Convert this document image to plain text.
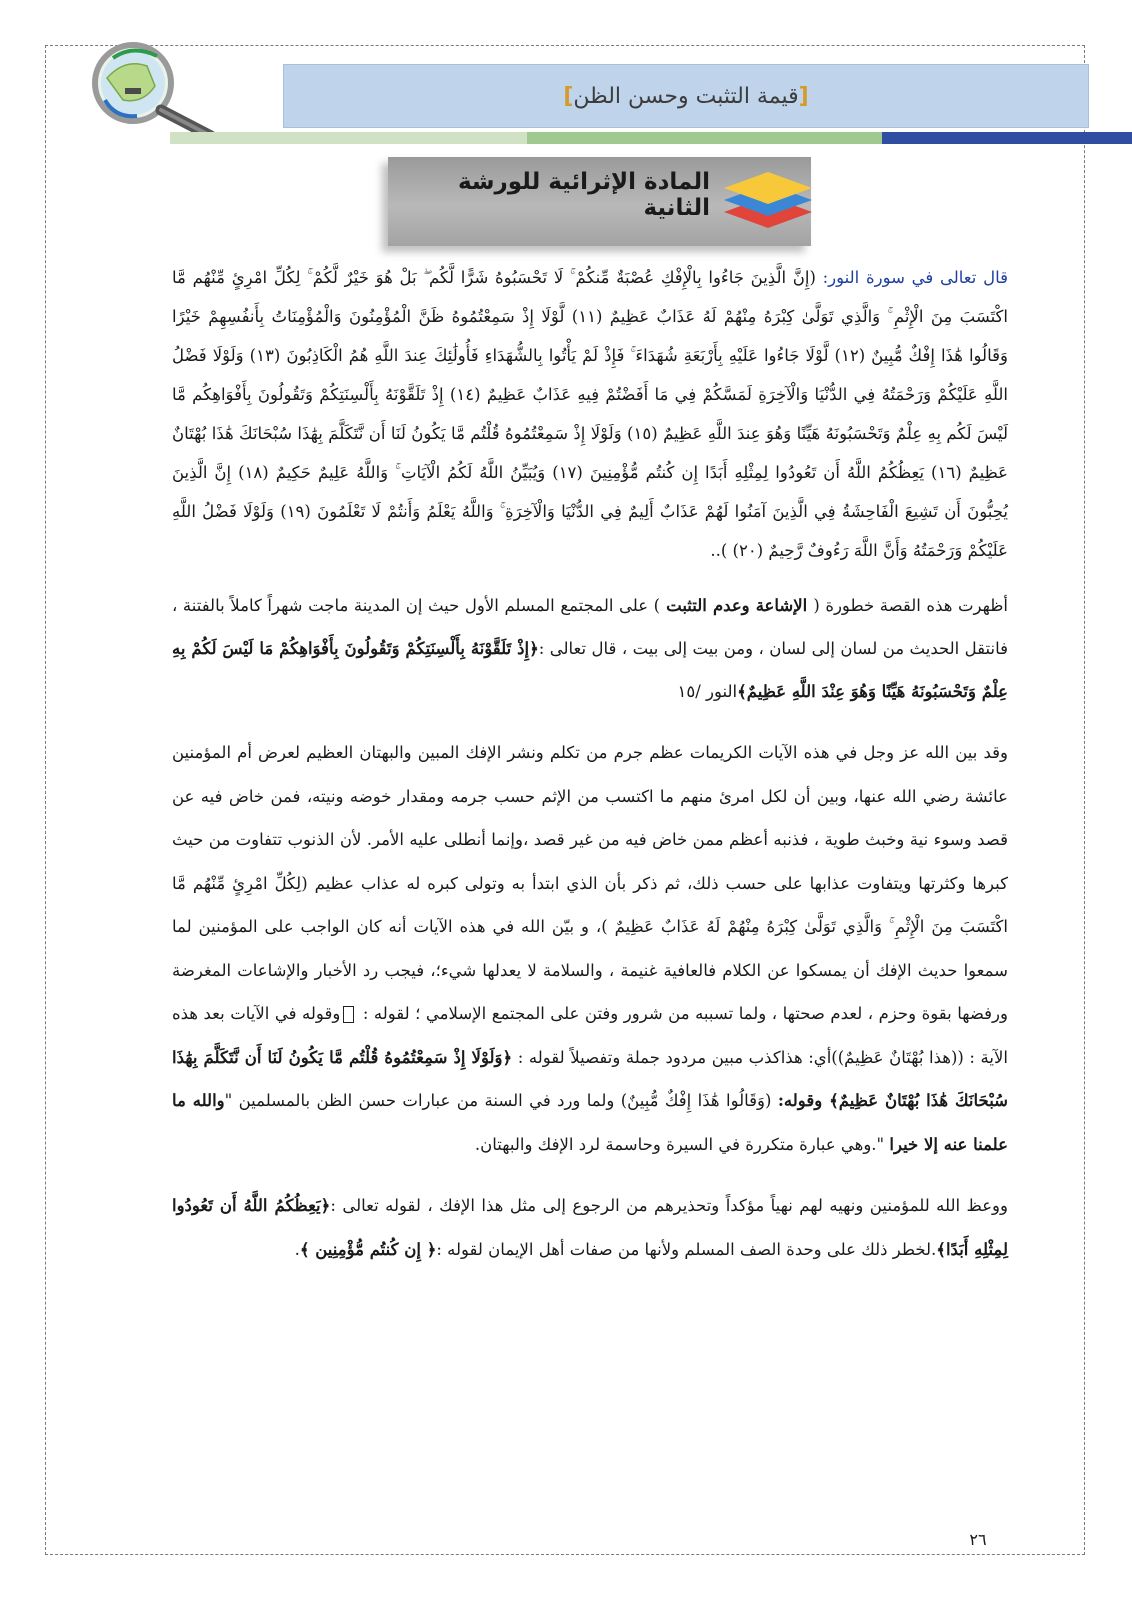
[
قيمة التثبت وحسن الظن
]
المادة الإثرائية للورشة الثانية

قال تعالى في سورة النور: (إِنَّ الَّذِينَ جَاءُوا بِالْإِفْكِ عُصْبَةٌ مِّنكُمْ ۚ لَا تَحْسَبُوهُ شَرًّا لَّكُم ۖ بَلْ هُوَ خَيْرٌ لَّكُمْ ۚ لِكُلِّ امْرِئٍ مِّنْهُم مَّا اكْتَسَبَ مِنَ الْإِثْمِ ۚ وَالَّذِي تَوَلَّىٰ كِبْرَهُ مِنْهُمْ لَهُ عَذَابٌ عَظِيمٌ (١١) لَّوْلَا إِذْ سَمِعْتُمُوهُ ظَنَّ الْمُؤْمِنُونَ وَالْمُؤْمِنَاتُ بِأَنفُسِهِمْ خَيْرًا وَقَالُوا هَٰذَا إِفْكٌ مُّبِينٌ (١٢) لَّوْلَا جَاءُوا عَلَيْهِ بِأَرْبَعَةِ شُهَدَاءَ ۚ فَإِذْ لَمْ يَأْتُوا بِالشُّهَدَاءِ فَأُولَٰئِكَ عِندَ اللَّهِ هُمُ الْكَاذِبُونَ (١٣) وَلَوْلَا فَضْلُ اللَّهِ عَلَيْكُمْ وَرَحْمَتُهُ فِي الدُّنْيَا وَالْآخِرَةِ لَمَسَّكُمْ فِي مَا أَفَضْتُمْ فِيهِ عَذَابٌ عَظِيمٌ (١٤) إِذْ تَلَقَّوْنَهُ بِأَلْسِنَتِكُمْ وَتَقُولُونَ بِأَفْوَاهِكُم مَّا لَيْسَ لَكُم بِهِ عِلْمٌ وَتَحْسَبُونَهُ هَيِّنًا وَهُوَ عِندَ اللَّهِ عَظِيمٌ (١٥) وَلَوْلَا إِذْ سَمِعْتُمُوهُ قُلْتُم مَّا يَكُونُ لَنَا أَن نَّتَكَلَّمَ بِهَٰذَا سُبْحَانَكَ هَٰذَا بُهْتَانٌ عَظِيمٌ (١٦) يَعِظُكُمُ اللَّهُ أَن تَعُودُوا لِمِثْلِهِ أَبَدًا إِن كُنتُم مُّؤْمِنِينَ (١٧) وَيُبَيِّنُ اللَّهُ لَكُمُ الْآيَاتِ ۚ وَاللَّهُ عَلِيمٌ حَكِيمٌ (١٨) إِنَّ الَّذِينَ يُحِبُّونَ أَن تَشِيعَ الْفَاحِشَةُ فِي الَّذِينَ آمَنُوا لَهُمْ عَذَابٌ أَلِيمٌ فِي الدُّنْيَا وَالْآخِرَةِ ۚ وَاللَّهُ يَعْلَمُ وَأَنتُمْ لَا تَعْلَمُونَ (١٩) وَلَوْلَا فَضْلُ اللَّهِ عَلَيْكُمْ وَرَحْمَتُهُ وَأَنَّ اللَّهَ رَءُوفٌ رَّحِيمٌ (٢٠) )..

أظهرت هذه القصة خطورة ( الإشاعة وعدم التثبت ) على المجتمع المسلم الأول حيث إن المدينة ماجت شهراً كاملاً بالفتنة ، فانتقل الحديث من لسان إلى لسان ، ومن بيت إلى بيت ، قال تعالى :﴿إِذْ تَلَقَّوْنَهُ بِأَلْسِنَتِكُمْ وَتَقُولُونَ بِأَفْوَاهِكُمْ مَا لَيْسَ لَكُمْ بِهِ عِلْمٌ وَتَحْسَبُونَهُ هَيِّنًا وَهُوَ عِنْدَ اللَّهِ عَظِيمٌ﴾النور /١٥

وقد بين الله عز وجل في هذه الآيات الكريمات عظم جرم من تكلم ونشر الإفك المبين والبهتان العظيم لعرض أم المؤمنين عائشة رضي الله عنها، وبين أن لكل امرئ منهم ما اكتسب من الإثم حسب جرمه ومقدار خوضه ونيته، فمن خاض فيه عن قصد وسوء نية وخبث طوية ، فذنبه أعظم ممن خاض فيه من غير قصد ،وإنما أنطلى عليه الأمر. لأن الذنوب تتفاوت من حيث كبرها وكثرتها ويتفاوت عذابها على حسب ذلك، ثم ذكر بأن الذي ابتدأ به وتولى كبره له عذاب عظيم (لِكُلِّ امْرِئٍ مِّنْهُم مَّا اكْتَسَبَ مِنَ الْإِثْمِ ۚ وَالَّذِي تَوَلَّىٰ كِبْرَهُ مِنْهُمْ لَهُ عَذَابٌ عَظِيمٌ )، و بيّن الله في هذه الآيات أنه كان الواجب على المؤمنين لما سمعوا حديث الإفك أن يمسكوا عن الكلام فالعافية غنيمة ، والسلامة لا يعدلها شيء؛، فيجب رد الأخبار والإشاعات المغرضة ورفضها بقوة وحزم ، لعدم صحتها ، ولما تسببه من شرور وفتن على المجتمع الإسلامي ؛ لقوله : وقوله في الآيات بعد هذه الآية : ((هذا بُهْتَانٌ عَظِيمٌ))أي: هذاكذب مبين مردود جملة وتفصيلاً لقوله : ﴿وَلَوْلَا إِذْ سَمِعْتُمُوهُ قُلْتُم مَّا يَكُونُ لَنَا أَن نَّتَكَلَّمَ بِهَٰذَا سُبْحَانَكَ هَٰذَا بُهْتَانٌ عَظِيمٌ﴾ وقوله: (وَقَالُوا هَٰذَا إِفْكٌ مُّبِينٌ) ولما ورد في السنة من عبارات حسن الظن بالمسلمين "والله ما علمنا عنه إلا خيرا ".وهي عبارة متكررة في السيرة وحاسمة لرد الإفك والبهتان.

ووعظ الله للمؤمنين ونهيه لهم نهياً مؤكداً وتحذيرهم من الرجوع إلى مثل هذا الإفك ، لقوله تعالى :﴿يَعِظُكُمُ اللَّهُ أَن تَعُودُوا لِمِثْلِهِ أَبَدًا﴾.لخطر ذلك على وحدة الصف المسلم ولأنها من صفات أهل الإيمان لقوله :﴿ إِن كُنتُم مُّؤْمِنِين ﴾.

٢٦
